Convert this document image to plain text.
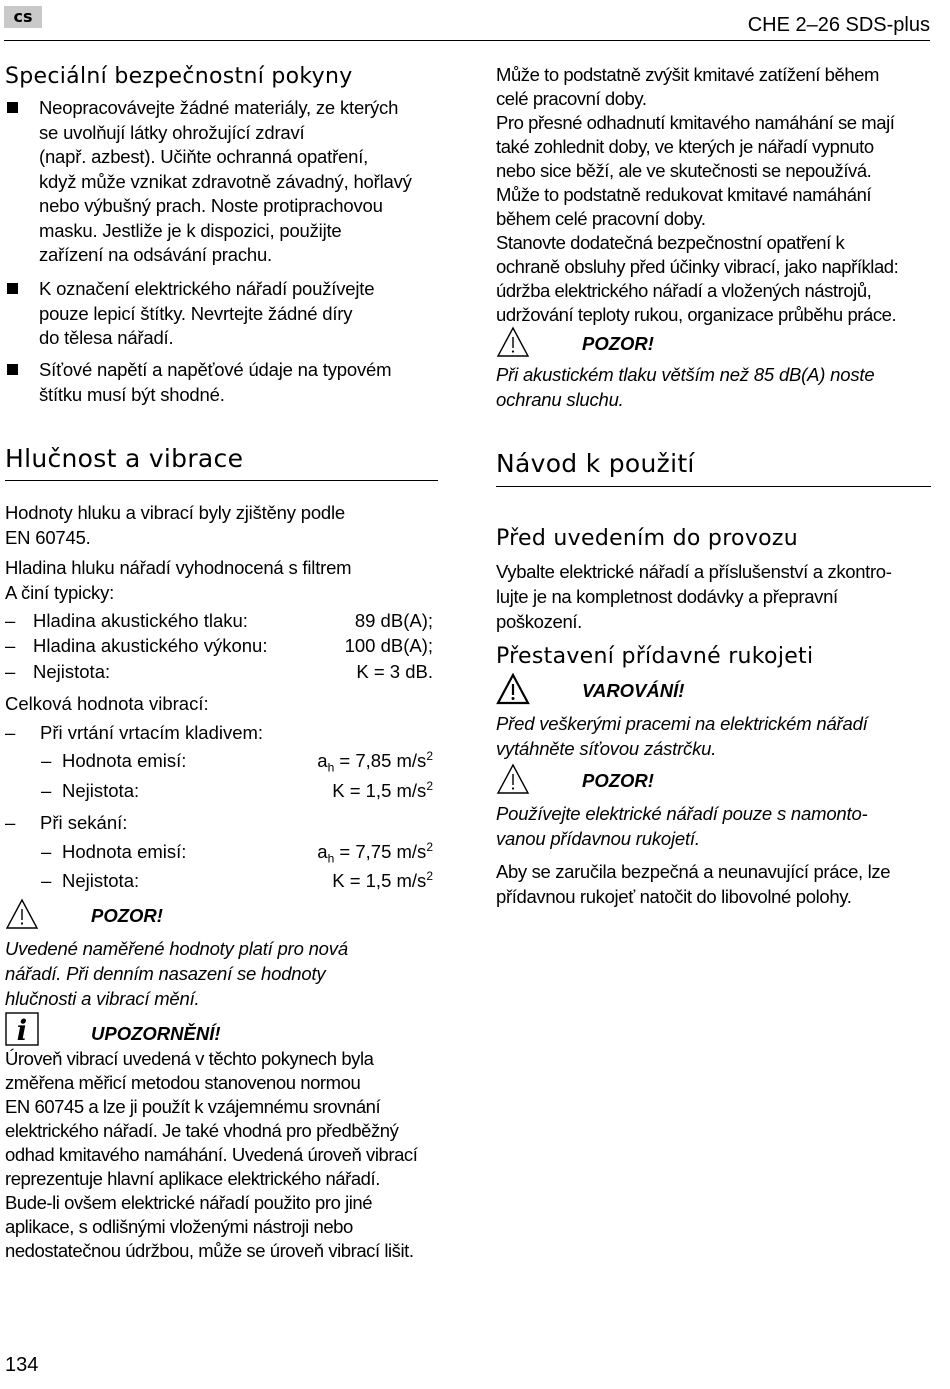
cs	CHE 2–26 SDS-plus
Speciální bezpečnostní pokyny
Neopracovávejte žádné materiály, ze kterých
se uvolňují látky ohrožující zdraví
(např. azbest). Učiňte ochranná opatření,
když může vznikat zdravotně závadný, hořlavý
nebo výbušný prach. Noste protiprachovou
masku. Jestliže je k dispozici, použijte
zařízení na odsávání prachu.
K označení elektrického nářadí používejte
pouze lepicí štítky. Nevrtejte žádné díry
do tělesa nářadí.
Síťové napětí a napěťové údaje na typovém
štítku musí být shodné.
Hlučnost a vibrace
Hodnoty hluku a vibrací byly zjištěny podle
EN 60745.
Hladina hluku nářadí vyhodnocená s filtrem
A činí typicky:
– Hladina akustického tlaku:	89 dB(A);
– Hladina akustického výkonu:	100 dB(A);
– Nejistota:	K = 3 dB.
Celková hodnota vibrací:
– Při vrtání vrtacím kladivem:
– Hodnota emisí:	$a_h = 7,85$ $m/s^2$
– Nejistota:	K = 1,5 $m/s^2$
– Při sekání:
– Hodnota emisí:	$a_h = 7,75$ $m/s^2$
– Nejistota:	K = 1,5 $m/s^2$
POZOR!
Uvedené naměřené hodnoty platí pro nová
nářadí. Při denním nasazení se hodnoty
hlučnosti a vibrací mění.
i	UPOZORNĚNÍ!
Úroveň vibrací uvedená v těchto pokynech byla
změřena měřicí metodou stanovenou normou
EN 60745 a lze ji použít k vzájemnému srovnání
elektrického nářadí. Je také vhodná pro předběžný
odhad kmitavého namáhání. Uvedená úroveň vibrací
reprezentuje hlavní aplikace elektrického nářadí.
Bude-li ovšem elektrické nářadí použito pro jiné
aplikace, s odlišnými vloženými nástroji nebo
nedostatečnou údržbou, může se úroveň vibrací lišit.
Může to podstatně zvýšit kmitavé zatížení během
celé pracovní doby.
Pro přesné odhadnutí kmitavého namáhání se mají
také zohlednit doby, ve kterých je nářadí vypnuto
nebo sice běží, ale ve skutečnosti se nepoužívá.
Může to podstatně redukovat kmitavé namáhání
během celé pracovní doby.
Stanovte dodatečná bezpečnostní opatření k
ochraně obsluhy před účinky vibrací, jako například:
údržba elektrického nářadí a vložených nástrojů,
udržování teploty rukou, organizace průběhu práce.
POZOR!
Při akustickém tlaku větším než 85 dB(A) noste
ochranu sluchu.
Návod k použití
Před uvedením do provozu
Vybalte elektrické nářadí a příslušenství a zkontro-
lujte je na kompletnost dodávky a přepravní
poškození.
Přestavení přídavné rukojeti
VAROVÁNÍ!
Před veškerými pracemi na elektrickém nářadí
vytáhněte síťovou zástrčku.
POZOR!
Používejte elektrické nářadí pouze s namonto-
vanou přídavnou rukojetí.
Aby se zaručila bezpečná a neunavující práce, lze
přídavnou rukojeť natočit do libovolné polohy.
134
